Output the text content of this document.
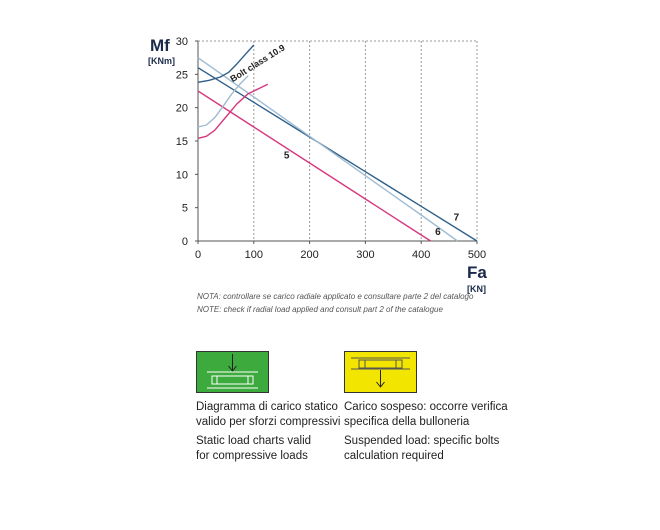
0
5
10
15
20
25
30
0	100	200	300	400	500
7
6
5
Bolt class 10.9
Mf
[KNm]
Fa
[KN]
NOTA: controllare se carico radiale applicato e consultare parte 2 del catalogo
NOTE: check if radial load applied and consult part 2 of the catalogue
Diagramma di carico statico
valido per sforzi compressivi
Static load charts valid
for compressive loads
Carico sospeso: occorre verifica
specifica della bulloneria
Suspended load: specific bolts
calculation required
